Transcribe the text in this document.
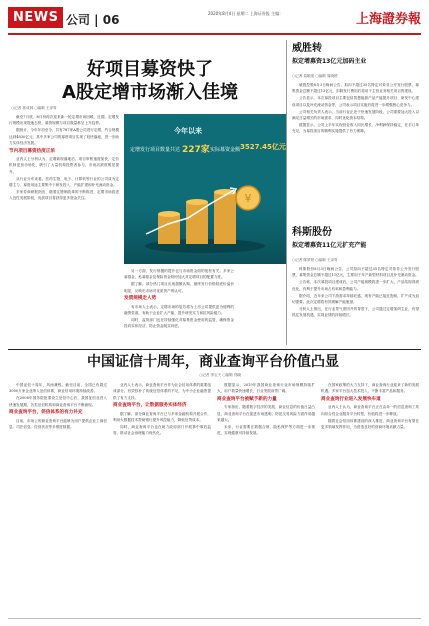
NEWS 公司 | 06	2020年8月4日 星期二 上海证券报 主编：	上海證券報
好项目募资快了
A股定增市场渐入佳境
○记者 郭成林 ○编辑 王泽青

截至7月底，8月份再次迎来新一轮定增市场回暖，近期，定增发行规模出现提速态势，募资规模与项目数量都呈上升趋势。

据统计，今年年初至今，共有787家A股公司进行定增，约合规模达到4830亿元，其中多家公司的募资项目实现了较快落地，进一步助力实体经济发展。

节内项目募资热度正浓

业内人士分析认为，定增新规落地后，项目审核速度加快，定价机制更加市场化，吸引了大量机构投资者参与，市场活跃度明显提升。

从行业分布来看，医药生物、电子、计算机等行业的公司成为定增主力，募资用途主要集中于研发投入、产能扩建和补充流动资金。

多家券商研报指出，随着注册制改革的不断推进，定增市场将进入良性发展阶段，优质项目将获得更多资金关注。

今年以来
定增发行项目数量共达 227家 实际募资金额 3527.45亿元
¥

另一方面，发行规模的提升也与市场资金面的宽松有关。多家公募基金、私募基金及保险资金纷纷加大对定增项目的配置力度。

据了解，部分热门项目出现超额认购，最终发行价格较底价溢价明显，反映出市场对优质资产的认可。

发债规模走人势

有市场人士表示，定增市场的复苏将为上市公司提供更为便利的融资渠道，有助于企业扩大产能、提升研发实力和抗风险能力。

同时，监管部门也在持续强化对募集资金使用的监管，确保资金投向实体经济，防止资金脱实向虚。

威胜转
拟定增募资13亿元加码主业
○记者 葛顺奎 ○编辑 周晓婷

威胜控股8月3日晚间公告，拟向不超过35名特定对象非公开发行股票，募集资金总额不超过13亿元，扣除发行费用后将用于主营业务相关项目的建设。

公告显示，本次募投项目主要包括智慧能源产品产能提升项目、研发中心建设项目以及补充流动资金等，公司表示项目实施后将进一步增强核心竞争力。

公司相关负责人表示，当前行业正处于快速发展阶段，公司需要加大投入以满足日益增长的市场需求，同时优化资本结构。

数据显示，公司上半年实现营业收入同比增长，净利润保持稳定，在手订单充足，为募投项目的顺利实施提供了有力保障。

科斯股份
拟定增募资11亿元扩充产能
○记者 陈梦婷 ○编辑 王泽青

科斯股份8月3日晚间公告，公司拟向不超过35名特定对象非公开发行股票，募集资金总额不超过11亿元，主要用于年产新型材料项目及补充流动资金。

公告称，本次募投项目建成后，公司产能规模将进一步扩大，产品结构得到优化，有利于提升市场占有率和盈利能力。

据介绍，近年来公司下游需求持续旺盛，现有产能已接近饱和，扩产成为迫切需要。此次定增将有效缓解产能瓶颈。

分析人士指出，在行业景气度回升的背景下，公司通过定增加码主业，有望抓住发展机遇，实现业绩的持续增长。

中国证信十周年，商业查询平台价值凸显
○记者 李宝天 ○编辑 郑晓

中国证信十周年，风雨兼程。截至目前，全国已有超过3000万家企业纳入征信体系，商业信用环境持续改善。

在2008年国务院批准设立征信中心后，我国征信业进入快速发展期，各类征信机构和商业查询平台不断涌现。

商业查询平台，促信体系的有力补充

目前，市场上的商业查询平台能够为用户提供企业工商信息、司法信息、经营状况等多维度数据。

业内人士表示，商业查询平台作为社会信用体系的重要组成部分，有效弥补了传统征信体系的不足，为中小企业融资提供了有力支持。

商业查询平台，让数据服务实体经济

据了解，部分商业查询平台已与多家金融机构开展合作，利用大数据技术帮助银行提升风控能力，降低信贷成本。

同时，商业查询平台也在助力政府部门开展事中事后监管，推动社会治理能力现代化。

数据显示，2019年我国商业查询行业市场规模持续扩大，用户数量快速增长，行业发展前景广阔。

商业查询平台被赋予新的力量

专家指出，随着数字经济的发展，商业信息的价值日益凸显，商业查询平台在促进市场透明、防范交易风险方面作用越来越大。

未来，行业需要在数据合规、隐私保护等方面进一步规范，实现健康可持续发展。

在国家政策的大力支持下，商业查询行业迎来了新的发展机遇。多家平台加大技术投入，不断丰富产品和服务。

商业查询行业进入发展快车道

业内人士认为，商业查询平台正在由单一的信息查询工具向综合性企业服务平台转型，价值将进一步释放。

随着社会信用体系建设的深入推进，商业查询平台有望在更多领域发挥作用，为营造良好的营商环境贡献力量。
